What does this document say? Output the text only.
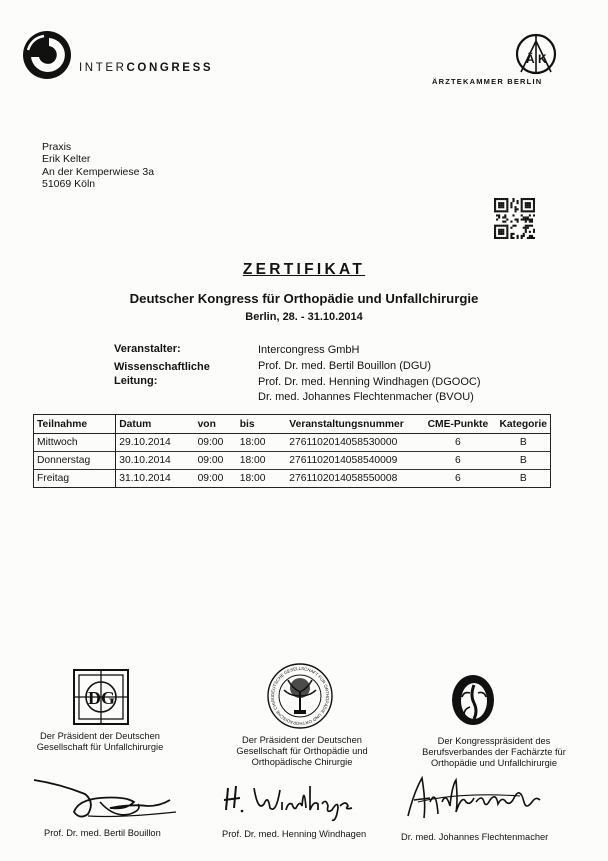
INTERCONGRESS
Ä K
ÄRZTEKAMMER BERLIN
Praxis
Erik Kelter
An der Kemperwiese 3a
51069 Köln
ZERTIFIKAT
Deutscher Kongress für Orthopädie und Unfallchirurgie
Berlin, 28. - 31.10.2014
Veranstalter:	Intercongress GmbH
Wissenschaftliche
Leitung:
Prof. Dr. med. Bertil Bouillon (DGU)
Prof. Dr. med. Henning Windhagen (DGOOC)
Dr. med. Johannes Flechtenmacher (BVOU)
Teilnahme	Datum	von	bis	Veranstaltungsnummer	CME-Punkte	Kategorie
Mittwoch	29.10.2014	09:00	18:00	2761102014058530000	6	B
Donnerstag	30.10.2014	09:00	18:00	2761102014058540009	6	B
Freitag	31.10.2014	09:00	18:00	2761102014058550008	6	B
D G
Der Präsident der Deutschen
Gesellschaft für Unfallchirurgie
Prof. Dr. med. Bertil Bouillon
DEUTSCHE GESELLSCHAFT FÜR ORTHOPÄDIE UND ORTHOPÄDISCHE CHIRU
Der Präsident der Deutschen
Gesellschaft für Orthopädie und
Orthopädische Chirurgie
Prof. Dr. med. Henning Windhagen
Der Kongresspräsident des
Berufsverbandes der Fachärzte für
Orthopädie und Unfallchirurgie
Dr. med. Johannes Flechtenmacher
